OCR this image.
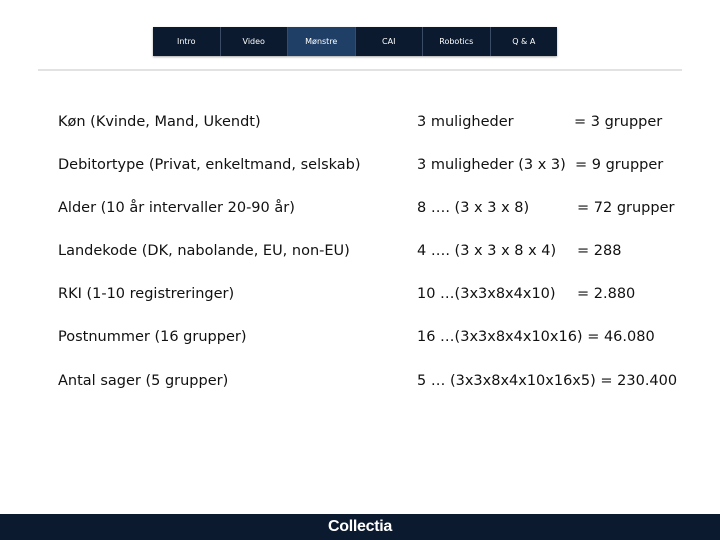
Intro	Video	Mønstre	CAI	Robotics	Q & A
Køn (Kvinde, Mand, Ukendt)	3 muligheder	= 3 grupper
Debitortype (Privat, enkeltmand, selskab)	3 muligheder (3 x 3) = 9 grupper
Alder (10 år intervaller 20-90 år)	8 …. (3 x 3 x 8)	= 72 grupper
Landekode (DK, nabolande, EU, non-EU)	4 …. (3 x 3 x 8 x 4) = 288
RKI (1-10 registreringer)	10 …(3x3x8x4x10) = 2.880
Postnummer (16 grupper)	16 …(3x3x8x4x10x16) = 46.080
Antal sager (5 grupper)	5 … (3x3x8x4x10x16x5) = 230.400
Collectia
